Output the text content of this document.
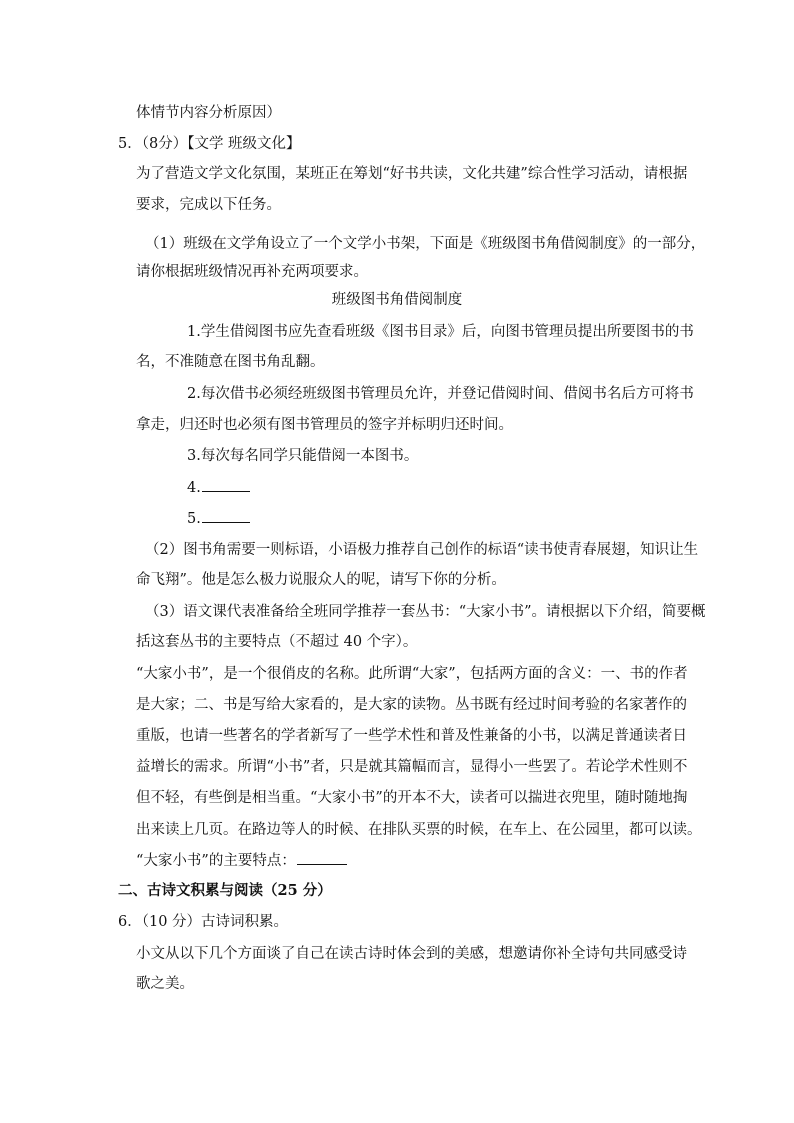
体情节内容分析原因）
5．（8分）【文学 班级文化】
为了营造文学文化氛围，某班正在筹划“好书共读，文化共建”综合性学习活动，请根据
要求，完成以下任务。
（1）班级在文学角设立了一个文学小书架，下面是《班级图书角借阅制度》的一部分，
请你根据班级情况再补充两项要求。
班级图书角借阅制度
1.学生借阅图书应先查看班级《图书目录》后，向图书管理员提出所要图书的书
名，不准随意在图书角乱翻。
2.每次借书必须经班级图书管理员允许，并登记借阅时间、借阅书名后方可将书
拿走，归还时也必须有图书管理员的签字并标明归还时间。
3.每次每名同学只能借阅一本图书。
4.
5.
（2）图书角需要一则标语，小语极力推荐自己创作的标语“读书使青春展翅，知识让生
命飞翔”。他是怎么极力说服众人的呢，请写下你的分析。
（3）语文课代表准备给全班同学推荐一套丛书：“大家小书”。请根据以下介绍，简要概
括这套丛书的主要特点（不超过 40 个字）。
“大家小书”，是一个很俏皮的名称。此所谓“大家”，包括两方面的含义：一、书的作者
是大家；二、书是写给大家看的，是大家的读物。丛书既有经过时间考验的名家著作的
重版，也请一些著名的学者新写了一些学术性和普及性兼备的小书，以满足普通读者日
益增长的需求。所谓“小书”者，只是就其篇幅而言，显得小一些罢了。若论学术性则不
但不轻，有些倒是相当重。“大家小书”的开本不大，读者可以揣进衣兜里，随时随地掏
出来读上几页。在路边等人的时候、在排队买票的时候，在车上、在公园里，都可以读。
“大家小书”的主要特点：
二、古诗文积累与阅读（25 分）
6．（10 分）古诗词积累。
小文从以下几个方面谈了自己在读古诗时体会到的美感，想邀请你补全诗句共同感受诗
歌之美。
